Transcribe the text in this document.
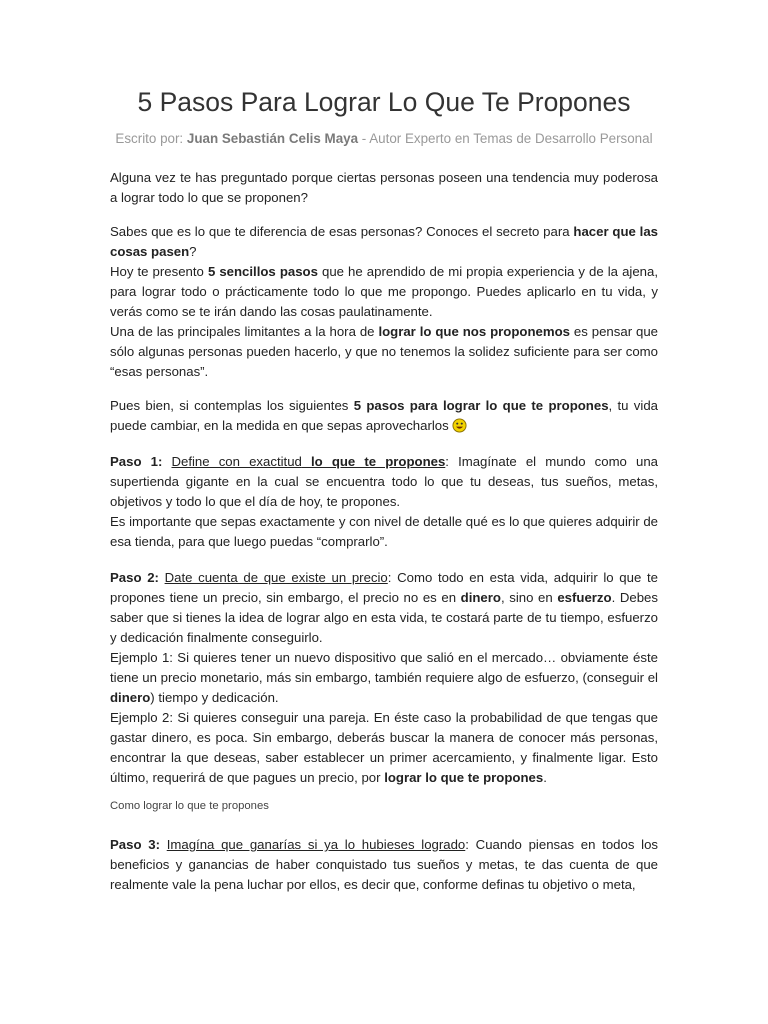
5 Pasos Para Lograr Lo Que Te Propones
Escrito por: Juan Sebastián Celis Maya - Autor Experto en Temas de Desarrollo Personal

Alguna vez te has preguntado porque ciertas personas poseen una tendencia muy poderosa a lograr todo lo que se proponen?

Sabes que es lo que te diferencia de esas personas? Conoces el secreto para hacer que las cosas pasen?

Hoy te presento 5 sencillos pasos que he aprendido de mi propia experiencia y de la ajena, para lograr todo o prácticamente todo lo que me propongo. Puedes aplicarlo en tu vida, y verás como se te irán dando las cosas paulatinamente.

Una de las principales limitantes a la hora de lograr lo que nos proponemos es pensar que sólo algunas personas pueden hacerlo, y que no tenemos la solidez suficiente para ser como “esas personas”.

Pues bien, si contemplas los siguientes 5 pasos para lograr lo que te propones, tu vida puede cambiar, en la medida en que sepas aprovecharlos

Paso 1: Define con exactitud lo que te propones: Imagínate el mundo como una supertienda gigante en la cual se encuentra todo lo que tu deseas, tus sueños, metas, objetivos y todo lo que el día de hoy, te propones.

Es importante que sepas exactamente y con nivel de detalle qué es lo que quieres adquirir de esa tienda, para que luego puedas “comprarlo”.

Paso 2: Date cuenta de que existe un precio: Como todo en esta vida, adquirir lo que te propones tiene un precio, sin embargo, el precio no es en dinero, sino en esfuerzo. Debes saber que si tienes la idea de lograr algo en esta vida, te costará parte de tu tiempo, esfuerzo y dedicación finalmente conseguirlo.

Ejemplo 1: Si quieres tener un nuevo dispositivo que salió en el mercado… obviamente éste tiene un precio monetario, más sin embargo, también requiere algo de esfuerzo, (conseguir el dinero) tiempo y dedicación.

Ejemplo 2: Si quieres conseguir una pareja. En éste caso la probabilidad de que tengas que gastar dinero, es poca. Sin embargo, deberás buscar la manera de conocer más personas, encontrar la que deseas, saber establecer un primer acercamiento, y finalmente ligar. Esto último, requerirá de que pagues un precio, por lograr lo que te propones.

Como lograr lo que te propones

Paso 3: Imagína que ganarías si ya lo hubieses logrado: Cuando piensas en todos los beneficios y ganancias de haber conquistado tus sueños y metas, te das cuenta de que realmente vale la pena luchar por ellos, es decir que, conforme definas tu objetivo o meta,
